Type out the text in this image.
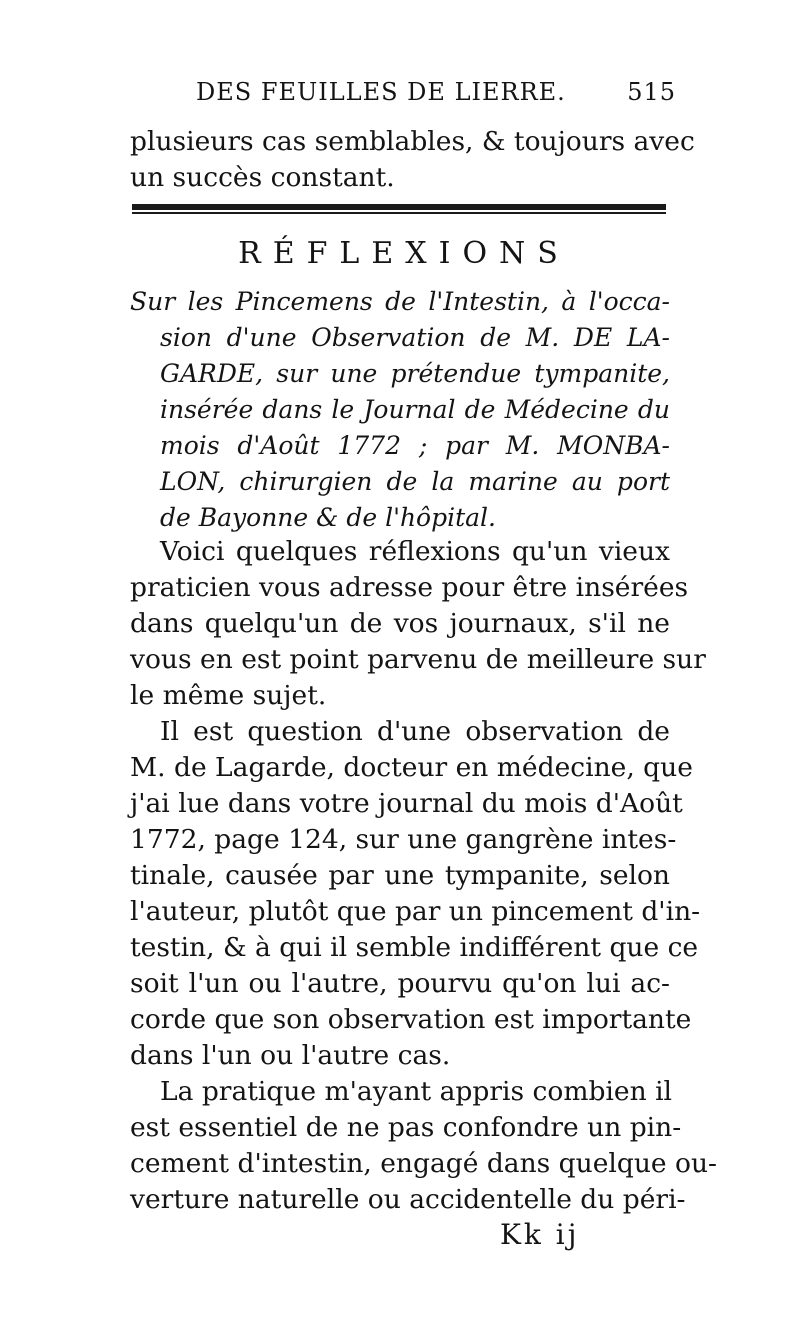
DES FEUILLES DE LIERRE.	515
plusieurs cas semblables, & toujours avec
un succès constant.
RÉFLEXIONS
Sur les Pincemens de l'Intestin, à l'occa-
sion d'une Observation de M. DE LA-
GARDE, sur une prétendue tympanite,
insérée dans le Journal de Médecine du
mois d'Août 1772 ; par M. MONBA-
LON, chirurgien de la marine au port
de Bayonne & de l'hôpital.
Voici quelques réflexions qu'un vieux
praticien vous adresse pour être insérées
dans quelqu'un de vos journaux, s'il ne
vous en est point parvenu de meilleure sur
le même sujet.
Il est question d'une observation de
M. de Lagarde, docteur en médecine, que
j'ai lue dans votre journal du mois d'Août
1772, page 124, sur une gangrène intes-
tinale, causée par une tympanite, selon
l'auteur, plutôt que par un pincement d'in-
testin, & à qui il semble indifférent que ce
soit l'un ou l'autre, pourvu qu'on lui ac-
corde que son observation est importante
dans l'un ou l'autre cas.
La pratique m'ayant appris combien il
est essentiel de ne pas confondre un pin-
cement d'intestin, engagé dans quelque ou-
verture naturelle ou accidentelle du péri-
Kk ij
